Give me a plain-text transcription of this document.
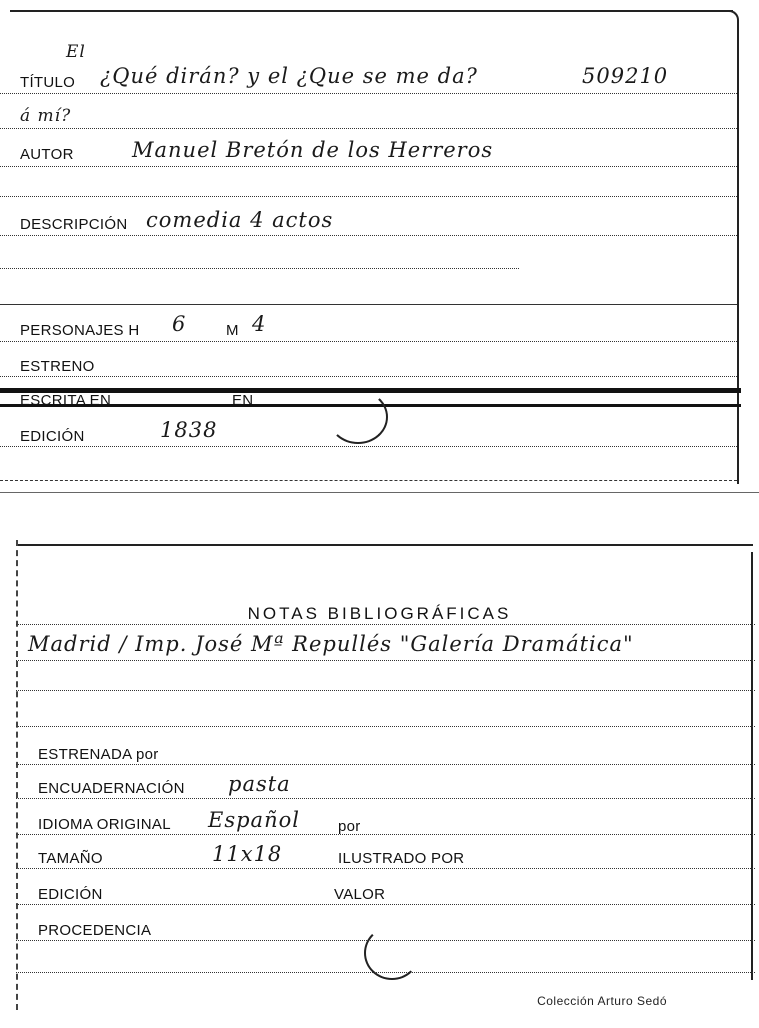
El
TÍTULO ¿Qué dirán? y el ¿Que se me da?	509210
á mí?
AUTOR	Manuel Bretón de los Herreros
DESCRIPCIÓN comedia 4 actos
PERSONAJES H 6	M 4
ESTRENO
ESCRITA EN	EN
EDICIÓN	1838
NOTAS BIBLIOGRÁFICAS
Madrid / Imp. José Mª Repullés "Galería Dramática"
ESTRENADA por
ENCUADERNACIÓN pasta
IDIOMA ORIGINAL Español	por
TAMAÑO	11x18	ILUSTRADO POR
EDICIÓN	VALOR
PROCEDENCIA
Colección Arturo Sedó
